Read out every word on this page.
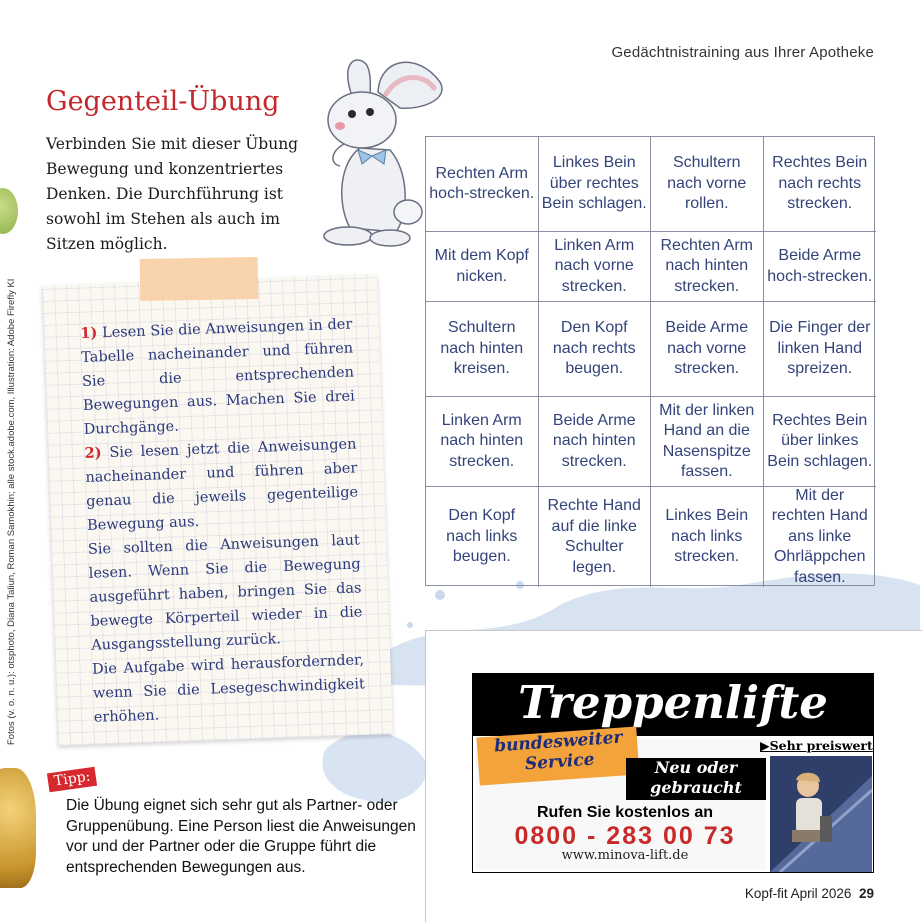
Gedächtnistraining aus Ihrer Apotheke
Fotos (v. o. n. u.): otsphoto, Diana Taliun, Roman Samokhin; alle stock.adobe.com, Illustration: Adobe Firefly KI
Gegenteil-Übung
Verbinden Sie mit dieser Übung Bewegung und konzentriertes Denken. Die Durchführung ist sowohl im Stehen als auch im Sitzen möglich.

1) Lesen Sie die Anweisungen in der Tabelle nacheinander und führen Sie die entsprechenden Bewegungen aus. Machen Sie drei Durchgänge.

2) Sie lesen jetzt die Anweisungen nacheinander und führen aber genau die jeweils gegenteilige Bewegung aus.

Sie sollten die Anweisungen laut lesen. Wenn Sie die Bewegung ausgeführt haben, bringen Sie das bewegte Körperteil wieder in die Ausgangsstellung zurück.

Die Aufgabe wird herausfordernder, wenn Sie die Lesegeschwindigkeit erhöhen.

Tipp:
Die Übung eignet sich sehr gut als Partner- oder Gruppenübung. Eine Person liest die Anweisungen vor und der Partner oder die Gruppe führt die entsprechenden Bewegungen aus.
Rechten Arm hoch-strecken.
Linkes Bein über rechtes Bein schlagen.
Schultern nach vorne rollen.
Rechtes Bein nach rechts strecken.
Mit dem Kopf nicken.
Linken Arm nach vorne strecken.
Rechten Arm nach hinten strecken.
Beide Arme hoch-strecken.
Schultern nach hinten kreisen.
Den Kopf nach rechts beugen.
Beide Arme nach vorne strecken.
Die Finger der linken Hand spreizen.
Linken Arm nach hinten strecken.
Beide Arme nach hinten strecken.
Mit der linken Hand an die Nasenspitze fassen.
Rechtes Bein über linkes Bein schlagen.
Den Kopf nach links beugen.
Rechte Hand auf die linke Schulter legen.
Linkes Bein nach links strecken.
Mit der rechten Hand ans linke Ohrläppchen fassen.
Treppenlifte
bundesweiter Service	Neu oder gebraucht
▶Sehr preiswert
Rufen Sie kostenlos an
0800 - 283 00 73
www.minova-lift.de
Kopf-fit April 2026 29
